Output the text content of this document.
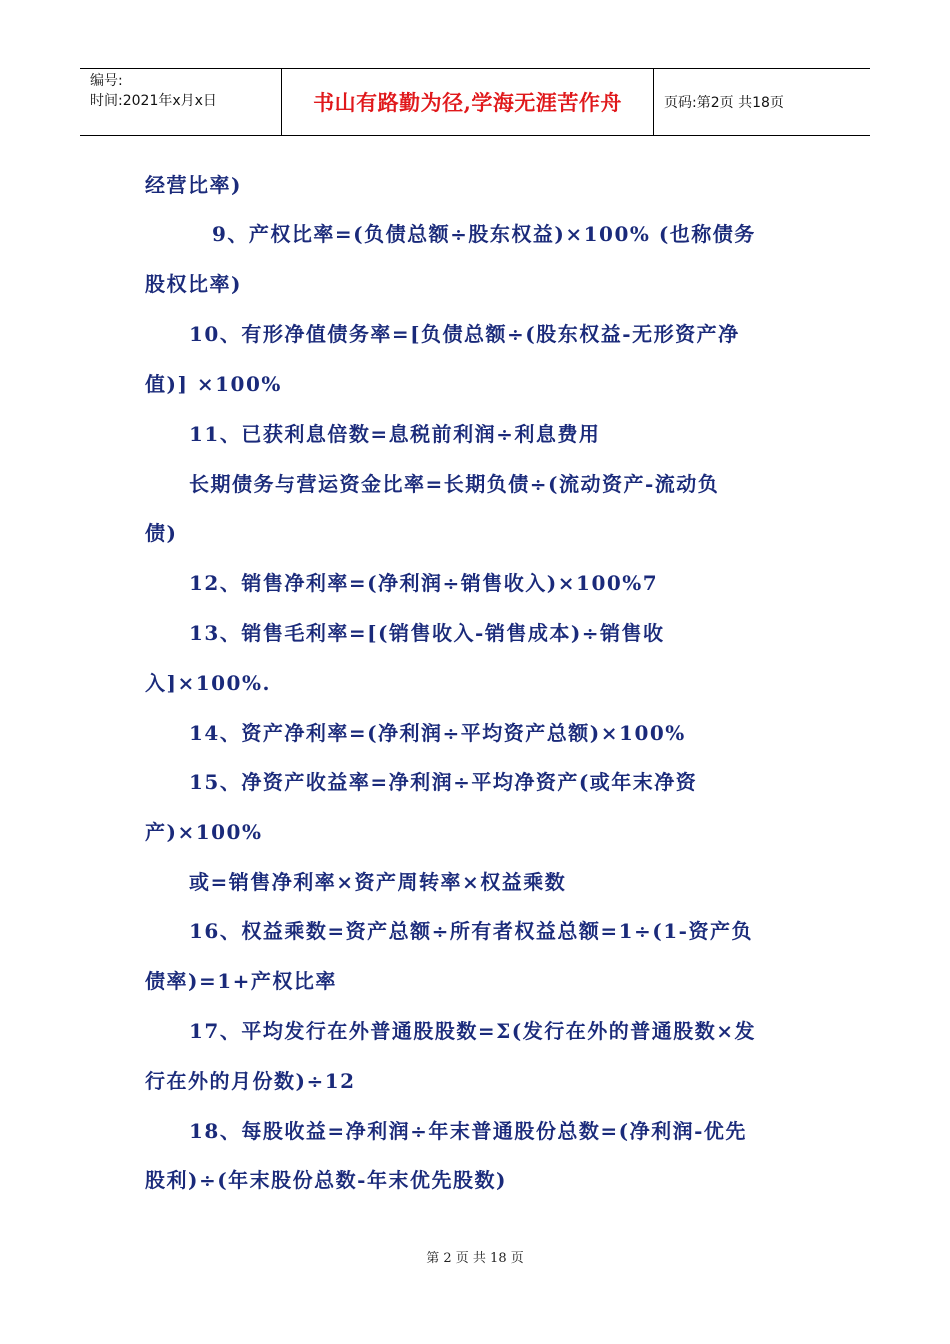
编号:
时间:2021年x月x日	书山有路勤为径,学海无涯苦作舟	页码:第2页 共18页
经营比率)
9、产权比率=(负债总额÷股东权益)×100% (也称债务
股权比率)
10、有形净值债务率=[负债总额÷(股东权益-无形资产净
值)] ×100%
11、已获利息倍数=息税前利润÷利息费用
长期债务与营运资金比率=长期负债÷(流动资产-流动负
债)
12、销售净利率=(净利润÷销售收入)×100%7
13、销售毛利率=[(销售收入-销售成本)÷销售收
入]×100%.
14、资产净利率=(净利润÷平均资产总额)×100%
15、净资产收益率=净利润÷平均净资产(或年末净资
产)×100%
或=销售净利率×资产周转率×权益乘数
16、权益乘数=资产总额÷所有者权益总额=1÷(1-资产负
债率)=1+产权比率
17、平均发行在外普通股股数=Σ(发行在外的普通股数×发
行在外的月份数)÷12
18、每股收益=净利润÷年末普通股份总数=(净利润-优先
股利)÷(年末股份总数-年末优先股数)
第 2 页 共 18 页
